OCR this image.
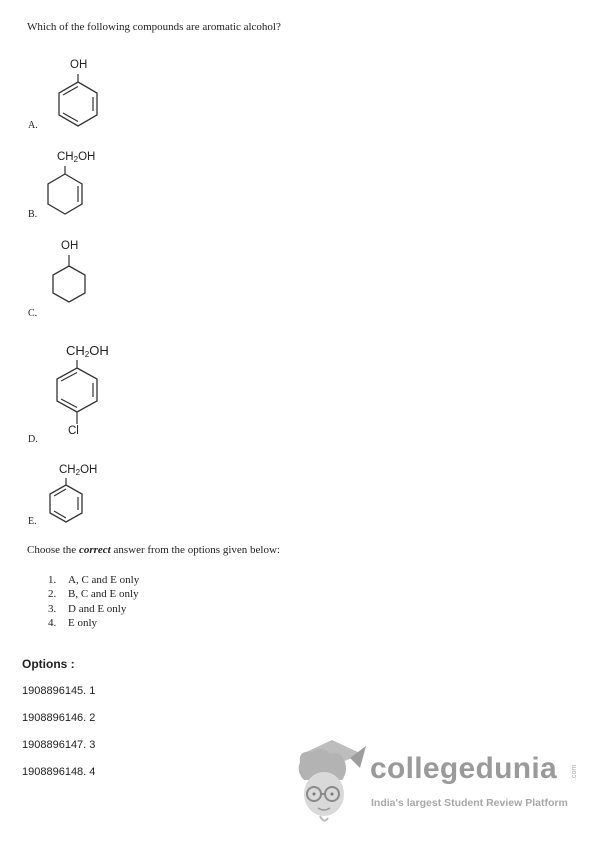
Which of the following compounds are aromatic alcohol?
OH
A.
$CH_2OH$
B.
OH
C.
$CH_2OH$
Cl
D.
$CH_2OH$
E.
Choose the correct answer from the options given below:
1. A, C and E only
2. B, C and E only
3. D and E only
4. E only
Options :
1908896145. 1
1908896146. 2
1908896147. 3
1908896148. 4	collegedunia
India's largest Student Review Platform
.com
